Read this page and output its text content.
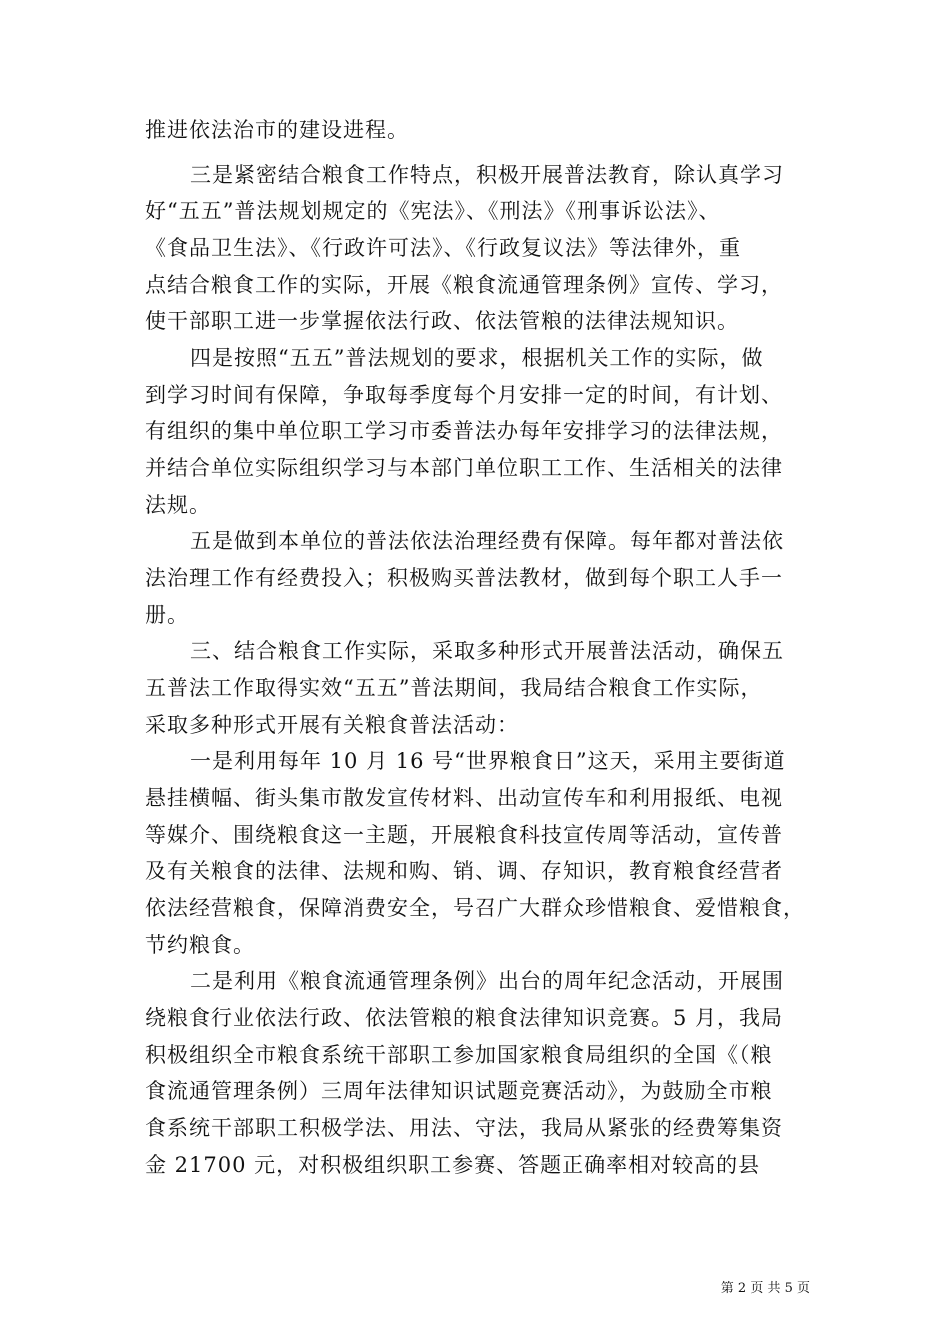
推进依法治市的建设进程。
三是紧密结合粮食工作特点，积极开展普法教育，除认真学习
好“五五”普法规划规定的《宪法》、《刑法》《刑事诉讼法》、
《食品卫生法》、《行政许可法》、《行政复议法》等法律外，重
点结合粮食工作的实际，开展《粮食流通管理条例》宣传、学习，
使干部职工进一步掌握依法行政、依法管粮的法律法规知识。
四是按照“五五”普法规划的要求，根据机关工作的实际，做
到学习时间有保障，争取每季度每个月安排一定的时间，有计划、
有组织的集中单位职工学习市委普法办每年安排学习的法律法规，
并结合单位实际组织学习与本部门单位职工工作、生活相关的法律
法规。
五是做到本单位的普法依法治理经费有保障。每年都对普法依
法治理工作有经费投入；积极购买普法教材，做到每个职工人手一
册。
三、结合粮食工作实际，采取多种形式开展普法活动，确保五
五普法工作取得实效“五五”普法期间，我局结合粮食工作实际，
采取多种形式开展有关粮食普法活动：
一是利用每年 10 月 16 号“世界粮食日”这天，采用主要街道
悬挂横幅、街头集市散发宣传材料、出动宣传车和利用报纸、电视
等媒介、围绕粮食这一主题，开展粮食科技宣传周等活动，宣传普
及有关粮食的法律、法规和购、销、调、存知识，教育粮食经营者
依法经营粮食，保障消费安全，号召广大群众珍惜粮食、爱惜粮食，
节约粮食。
二是利用《粮食流通管理条例》出台的周年纪念活动，开展围
绕粮食行业依法行政、依法管粮的粮食法律知识竞赛。5 月，我局
积极组织全市粮食系统干部职工参加国家粮食局组织的全国《（粮
食流通管理条例）三周年法律知识试题竞赛活动》，为鼓励全市粮
食系统干部职工积极学法、用法、守法，我局从紧张的经费筹集资
金 21700 元，对积极组织职工参赛、答题正确率相对较高的县
第 2 页 共 5 页
